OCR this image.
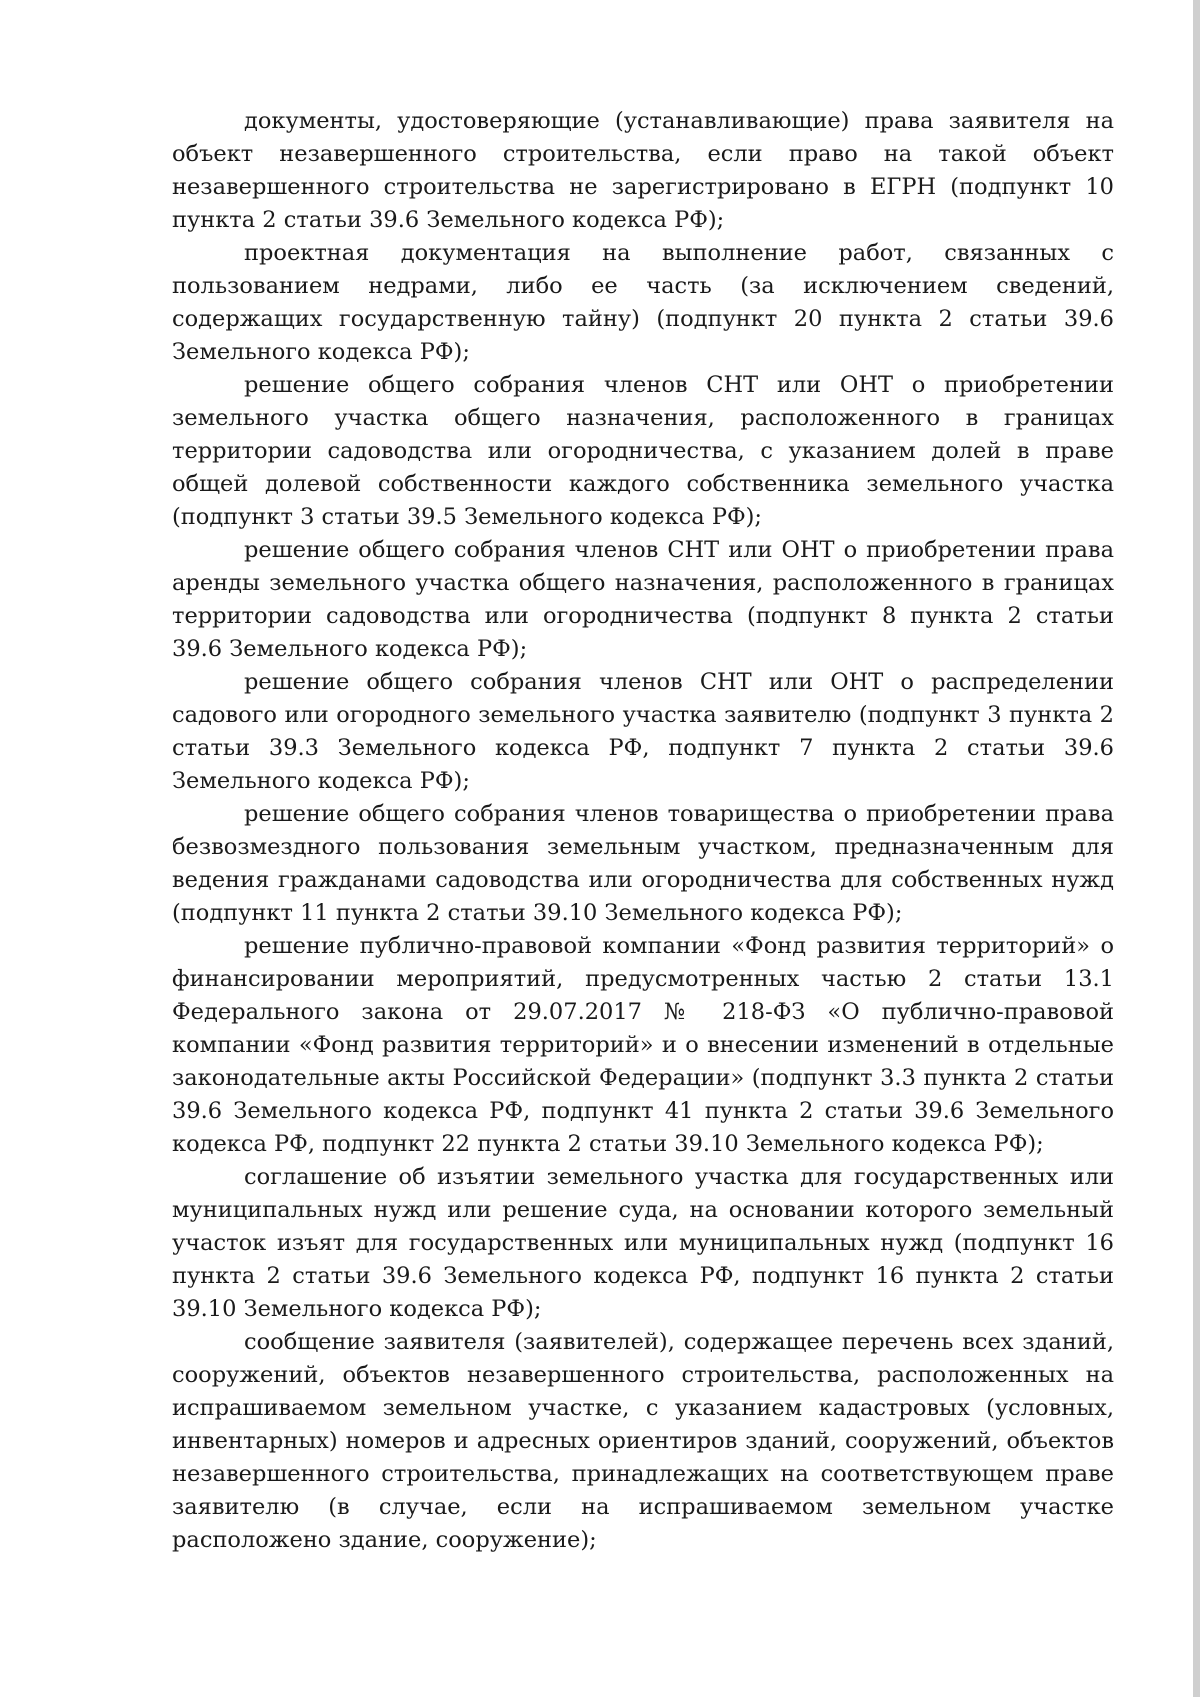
документы, удостоверяющие (устанавливающие) права заявителя на объект незавершенного строительства, если право на такой объект незавершенного строительства не зарегистрировано в ЕГРН (подпункт 10 пункта 2 статьи 39.6 Земельного кодекса РФ);

проектная документация на выполнение работ, связанных с пользованием недрами, либо ее часть (за исключением сведений, содержащих государственную тайну) (подпункт 20 пункта 2 статьи 39.6 Земельного кодекса РФ);

решение общего собрания членов СНТ или ОНТ о приобретении земельного участка общего назначения, расположенного в границах территории садоводства или огородничества, с указанием долей в праве общей долевой собственности каждого собственника земельного участка (подпункт 3 статьи 39.5 Земельного кодекса РФ);

решение общего собрания членов СНТ или ОНТ о приобретении права аренды земельного участка общего назначения, расположенного в границах территории садоводства или огородничества (подпункт 8 пункта 2 статьи 39.6 Земельного кодекса РФ);

решение общего собрания членов СНТ или ОНТ о распределении садового или огородного земельного участка заявителю (подпункт 3 пункта 2 статьи 39.3 Земельного кодекса РФ, подпункт 7 пункта 2 статьи 39.6 Земельного кодекса РФ);

решение общего собрания членов товарищества о приобретении права безвозмездного пользования земельным участком, предназначенным для ведения гражданами садоводства или огородничества для собственных нужд (подпункт 11 пункта 2 статьи 39.10 Земельного кодекса РФ);

решение публично-правовой компании «Фонд развития территорий» о финансировании мероприятий, предусмотренных частью 2 статьи 13.1 Федерального закона от 29.07.2017 № 218-ФЗ «О публично-правовой компании «Фонд развития территорий» и о внесении изменений в отдельные законодательные акты Российской Федерации» (подпункт 3.3 пункта 2 статьи 39.6 Земельного кодекса РФ, подпункт 41 пункта 2 статьи 39.6 Земельного кодекса РФ, подпункт 22 пункта 2 статьи 39.10 Земельного кодекса РФ);

соглашение об изъятии земельного участка для государственных или муниципальных нужд или решение суда, на основании которого земельный участок изъят для государственных или муниципальных нужд (подпункт 16 пункта 2 статьи 39.6 Земельного кодекса РФ, подпункт 16 пункта 2 статьи 39.10 Земельного кодекса РФ);

сообщение заявителя (заявителей), содержащее перечень всех зданий, сооружений, объектов незавершенного строительства, расположенных на испрашиваемом земельном участке, с указанием кадастровых (условных, инвентарных) номеров и адресных ориентиров зданий, сооружений, объектов незавершенного строительства, принадлежащих на соответствующем праве заявителю (в случае, если на испрашиваемом земельном участке расположено здание, сооружение);
